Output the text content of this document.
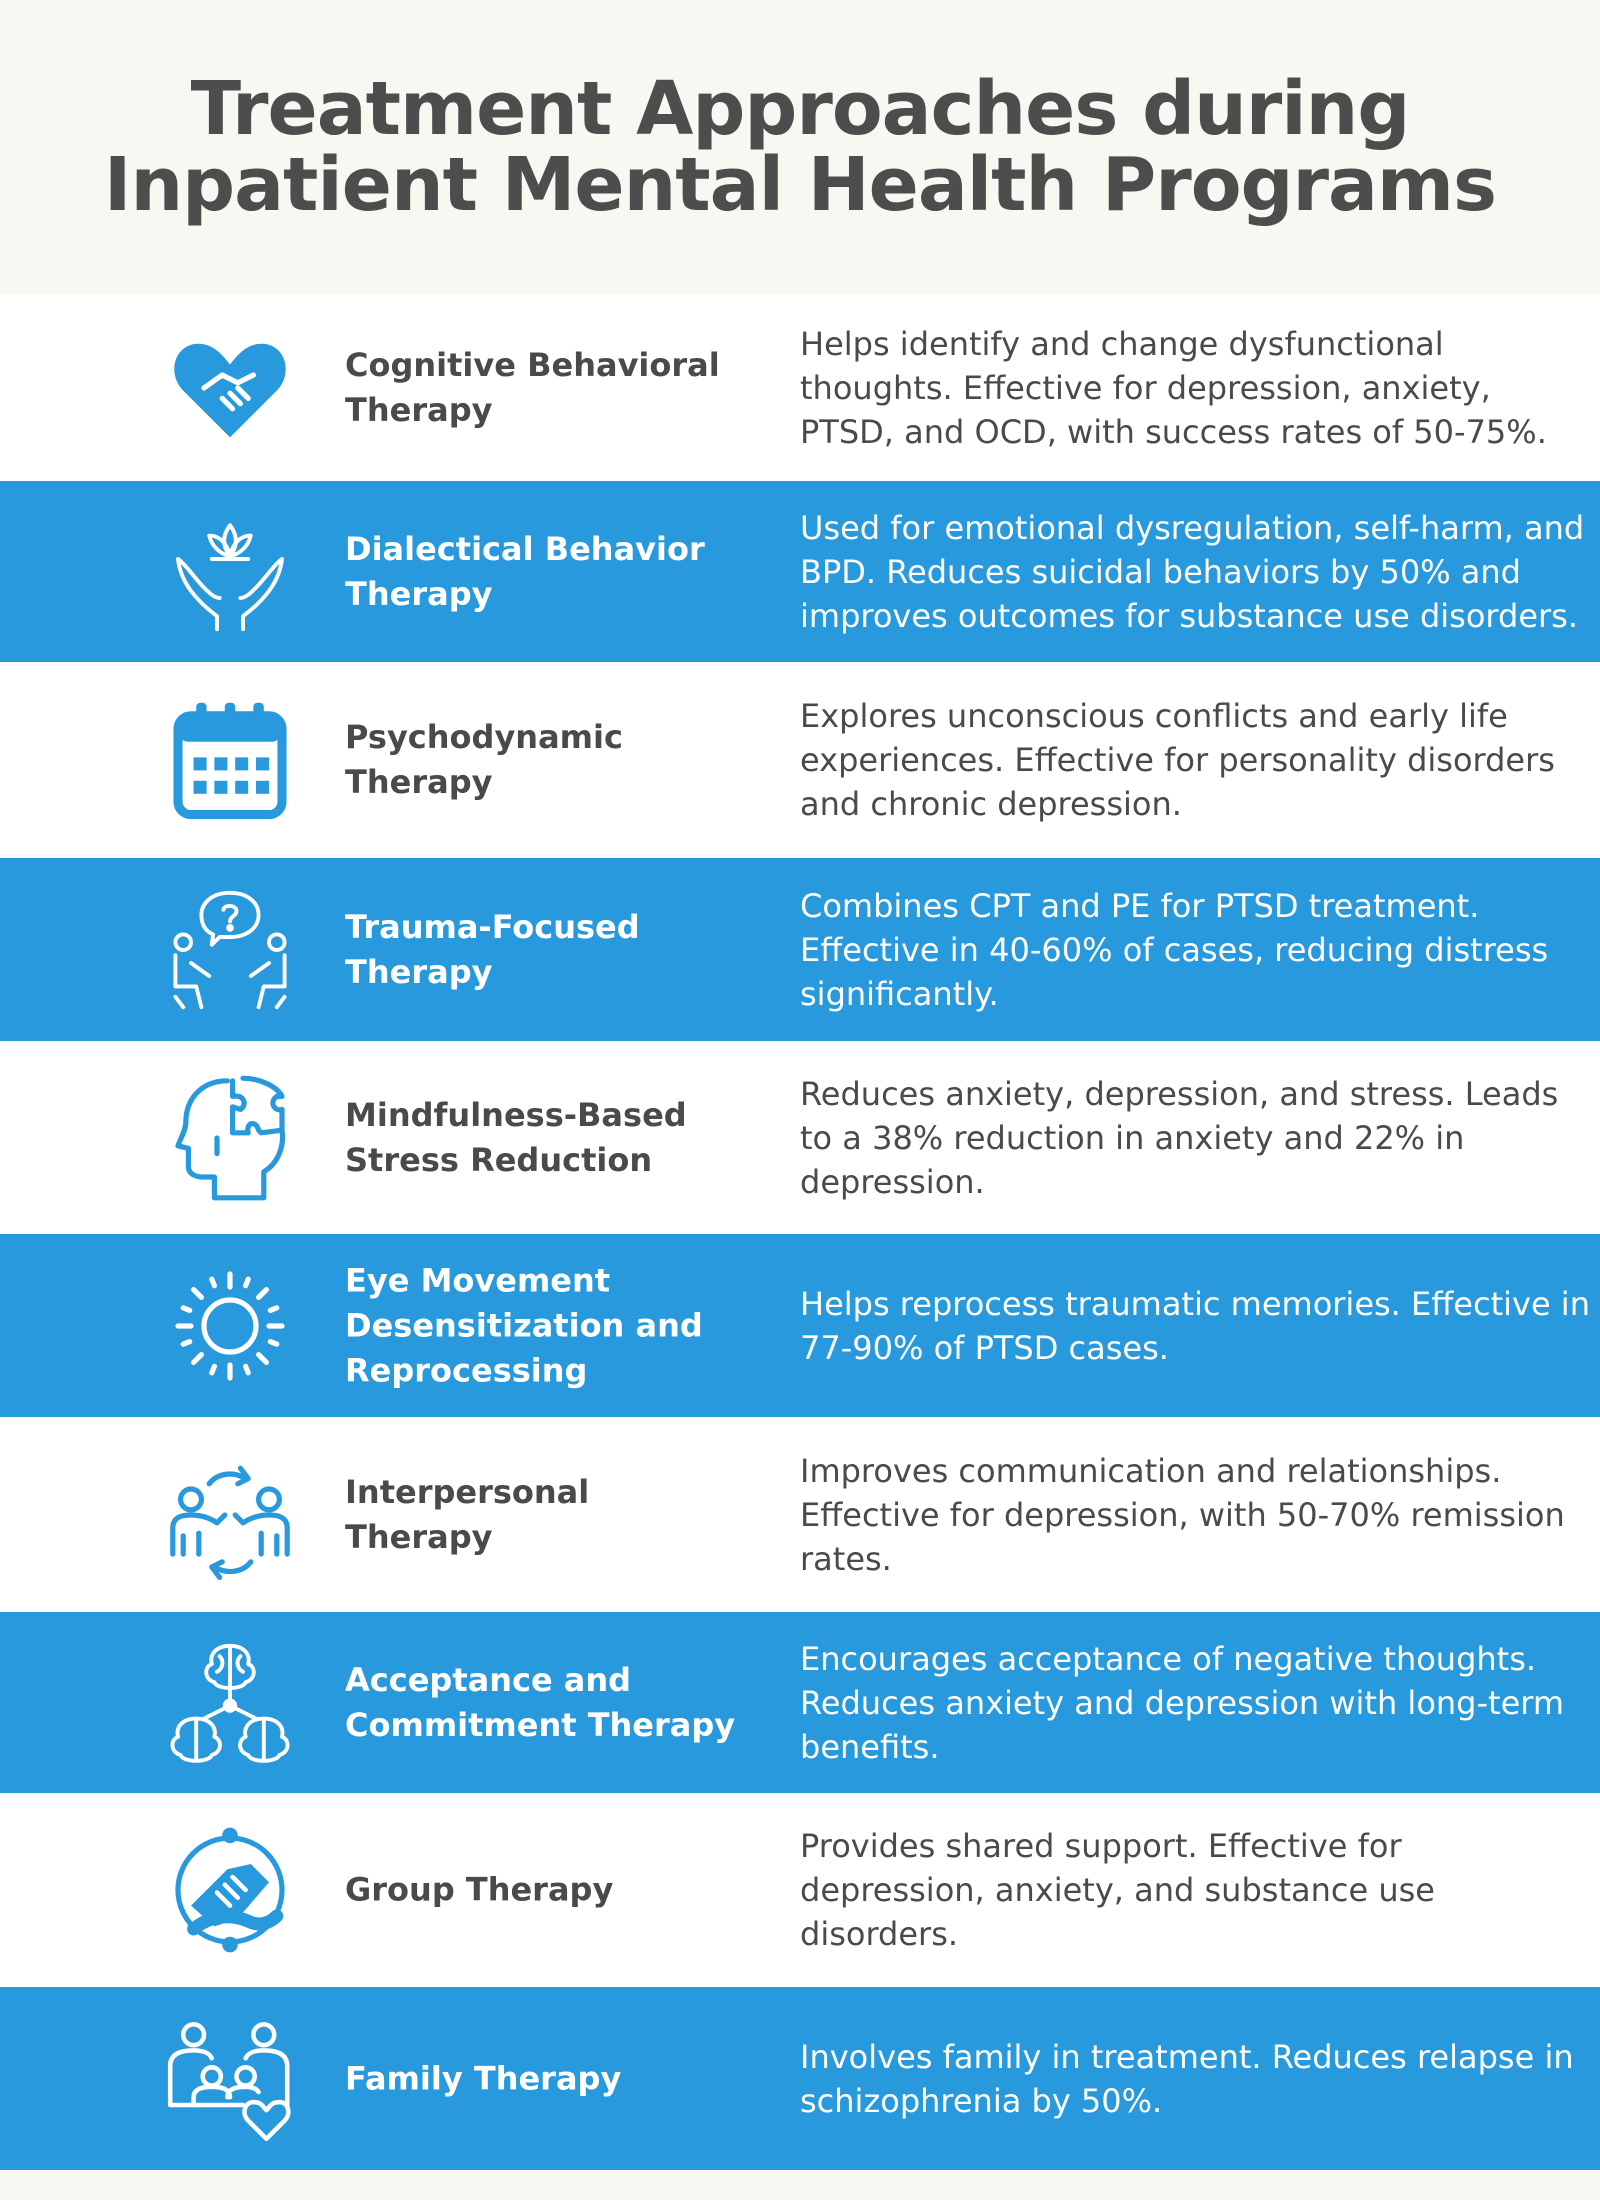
Treatment Approaches during
Inpatient Mental Health Programs
Cognitive Behavioral Therapy
Helps identify and change dysfunctional thoughts. Effective for depression, anxiety, PTSD, and OCD, with success rates of 50-75%.
Dialectical Behavior Therapy
Used for emotional dysregulation, self-harm, and BPD. Reduces suicidal behaviors by 50% and improves outcomes for substance use disorders.
Psychodynamic Therapy
Explores unconscious conflicts and early life experiences. Effective for personality disorders and chronic depression.
Trauma-Focused Therapy
Combines CPT and PE for PTSD treatment. Effective in 40-60% of cases, reducing distress significantly.
Mindfulness-Based Stress Reduction
Reduces anxiety, depression, and stress. Leads to a 38% reduction in anxiety and 22% in depression.
Eye Movement Desensitization and Reprocessing
Helps reprocess traumatic memories. Effective in 77-90% of PTSD cases.
Interpersonal Therapy
Improves communication and relationships. Effective for depression, with 50-70% remission rates.
Acceptance and Commitment Therapy
Encourages acceptance of negative thoughts. Reduces anxiety and depression with long-term benefits.
Group Therapy
Provides shared support. Effective for depression, anxiety, and substance use disorders.
Family Therapy
Involves family in treatment. Reduces relapse in schizophrenia by 50%.
